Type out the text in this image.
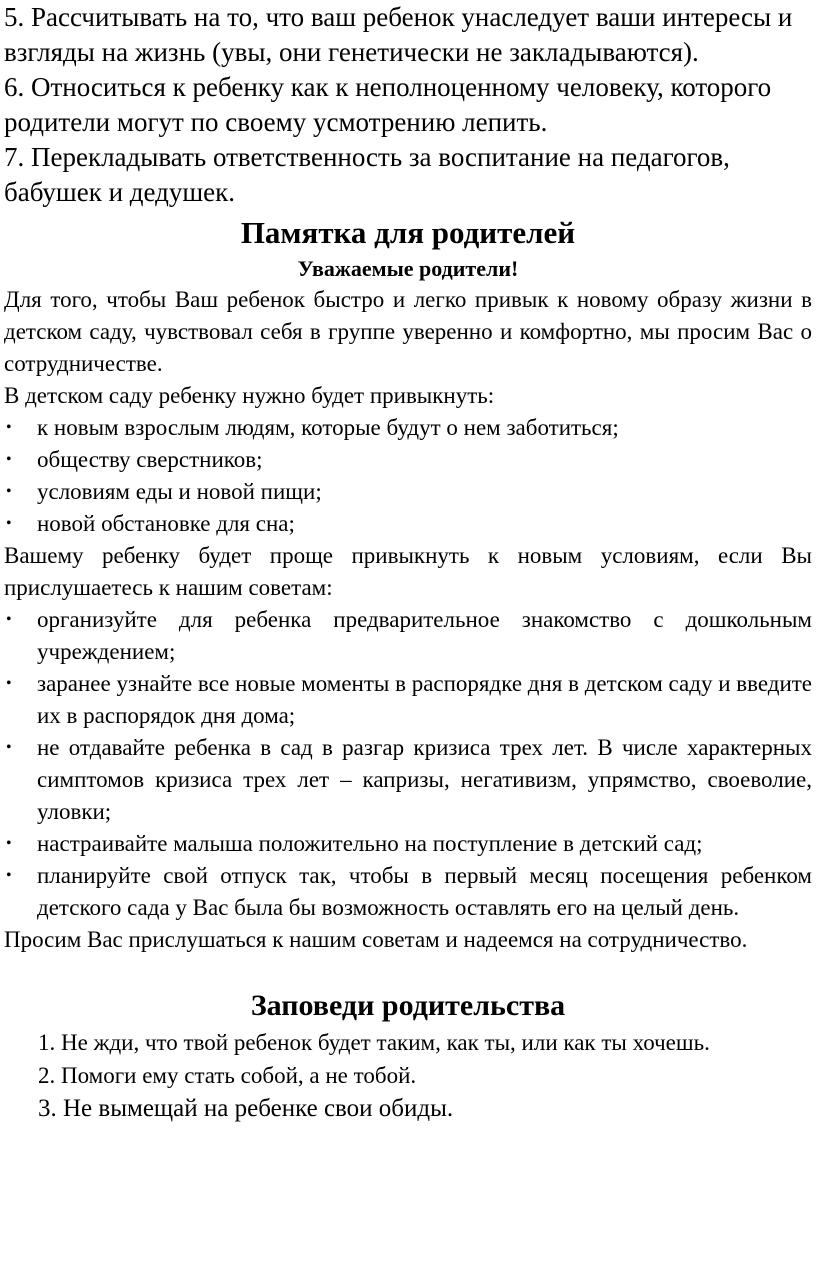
5. Рассчитывать на то, что ваш ребенок унаследует ваши интересы и взгляды на жизнь (увы, они генетически не закладываются).

6. Относиться к ребенку как к неполноценному человеку, которого родители могут по своему усмотрению лепить.

7. Перекладывать ответственность за воспитание на педагогов, бабушек и дедушек.

Памятка для родителей
Уважаемые родители!

Для того, чтобы Ваш ребенок быстро и легко привык к новому образу жизни в детском саду, чувствовал себя в группе уверенно и комфортно, мы просим Вас о сотрудничестве.

В детском саду ребенку нужно будет привыкнуть:

• к новым взрослым людям, которые будут о нем заботиться;
• обществу сверстников;
• условиям еды и новой пищи;
• новой обстановке для сна;

Вашему ребенку будет проще привыкнуть к новым условиям, если Вы прислушаетесь к нашим советам:

• организуйте для ребенка предварительное знакомство с дошкольным учреждением;
• заранее узнайте все новые моменты в распорядке дня в детском саду и введите их в распорядок дня дома;
• не отдавайте ребенка в сад в разгар кризиса трех лет. В числе характерных симптомов кризиса трех лет – капризы, негативизм, упрямство, своеволие, уловки;
• настраивайте малыша положительно на поступление в детский сад;
• планируйте свой отпуск так, чтобы в первый месяц посещения ребенком детского сада у Вас была бы возможность оставлять его на целый день.

Просим Вас прислушаться к нашим советам и надеемся на сотрудничество.

Заповеди родительства

1. Не жди, что твой ребенок будет таким, как ты, или как ты хочешь.

2. Помоги ему стать собой, а не тобой.

3. Не вымещай на ребенке свои обиды.
